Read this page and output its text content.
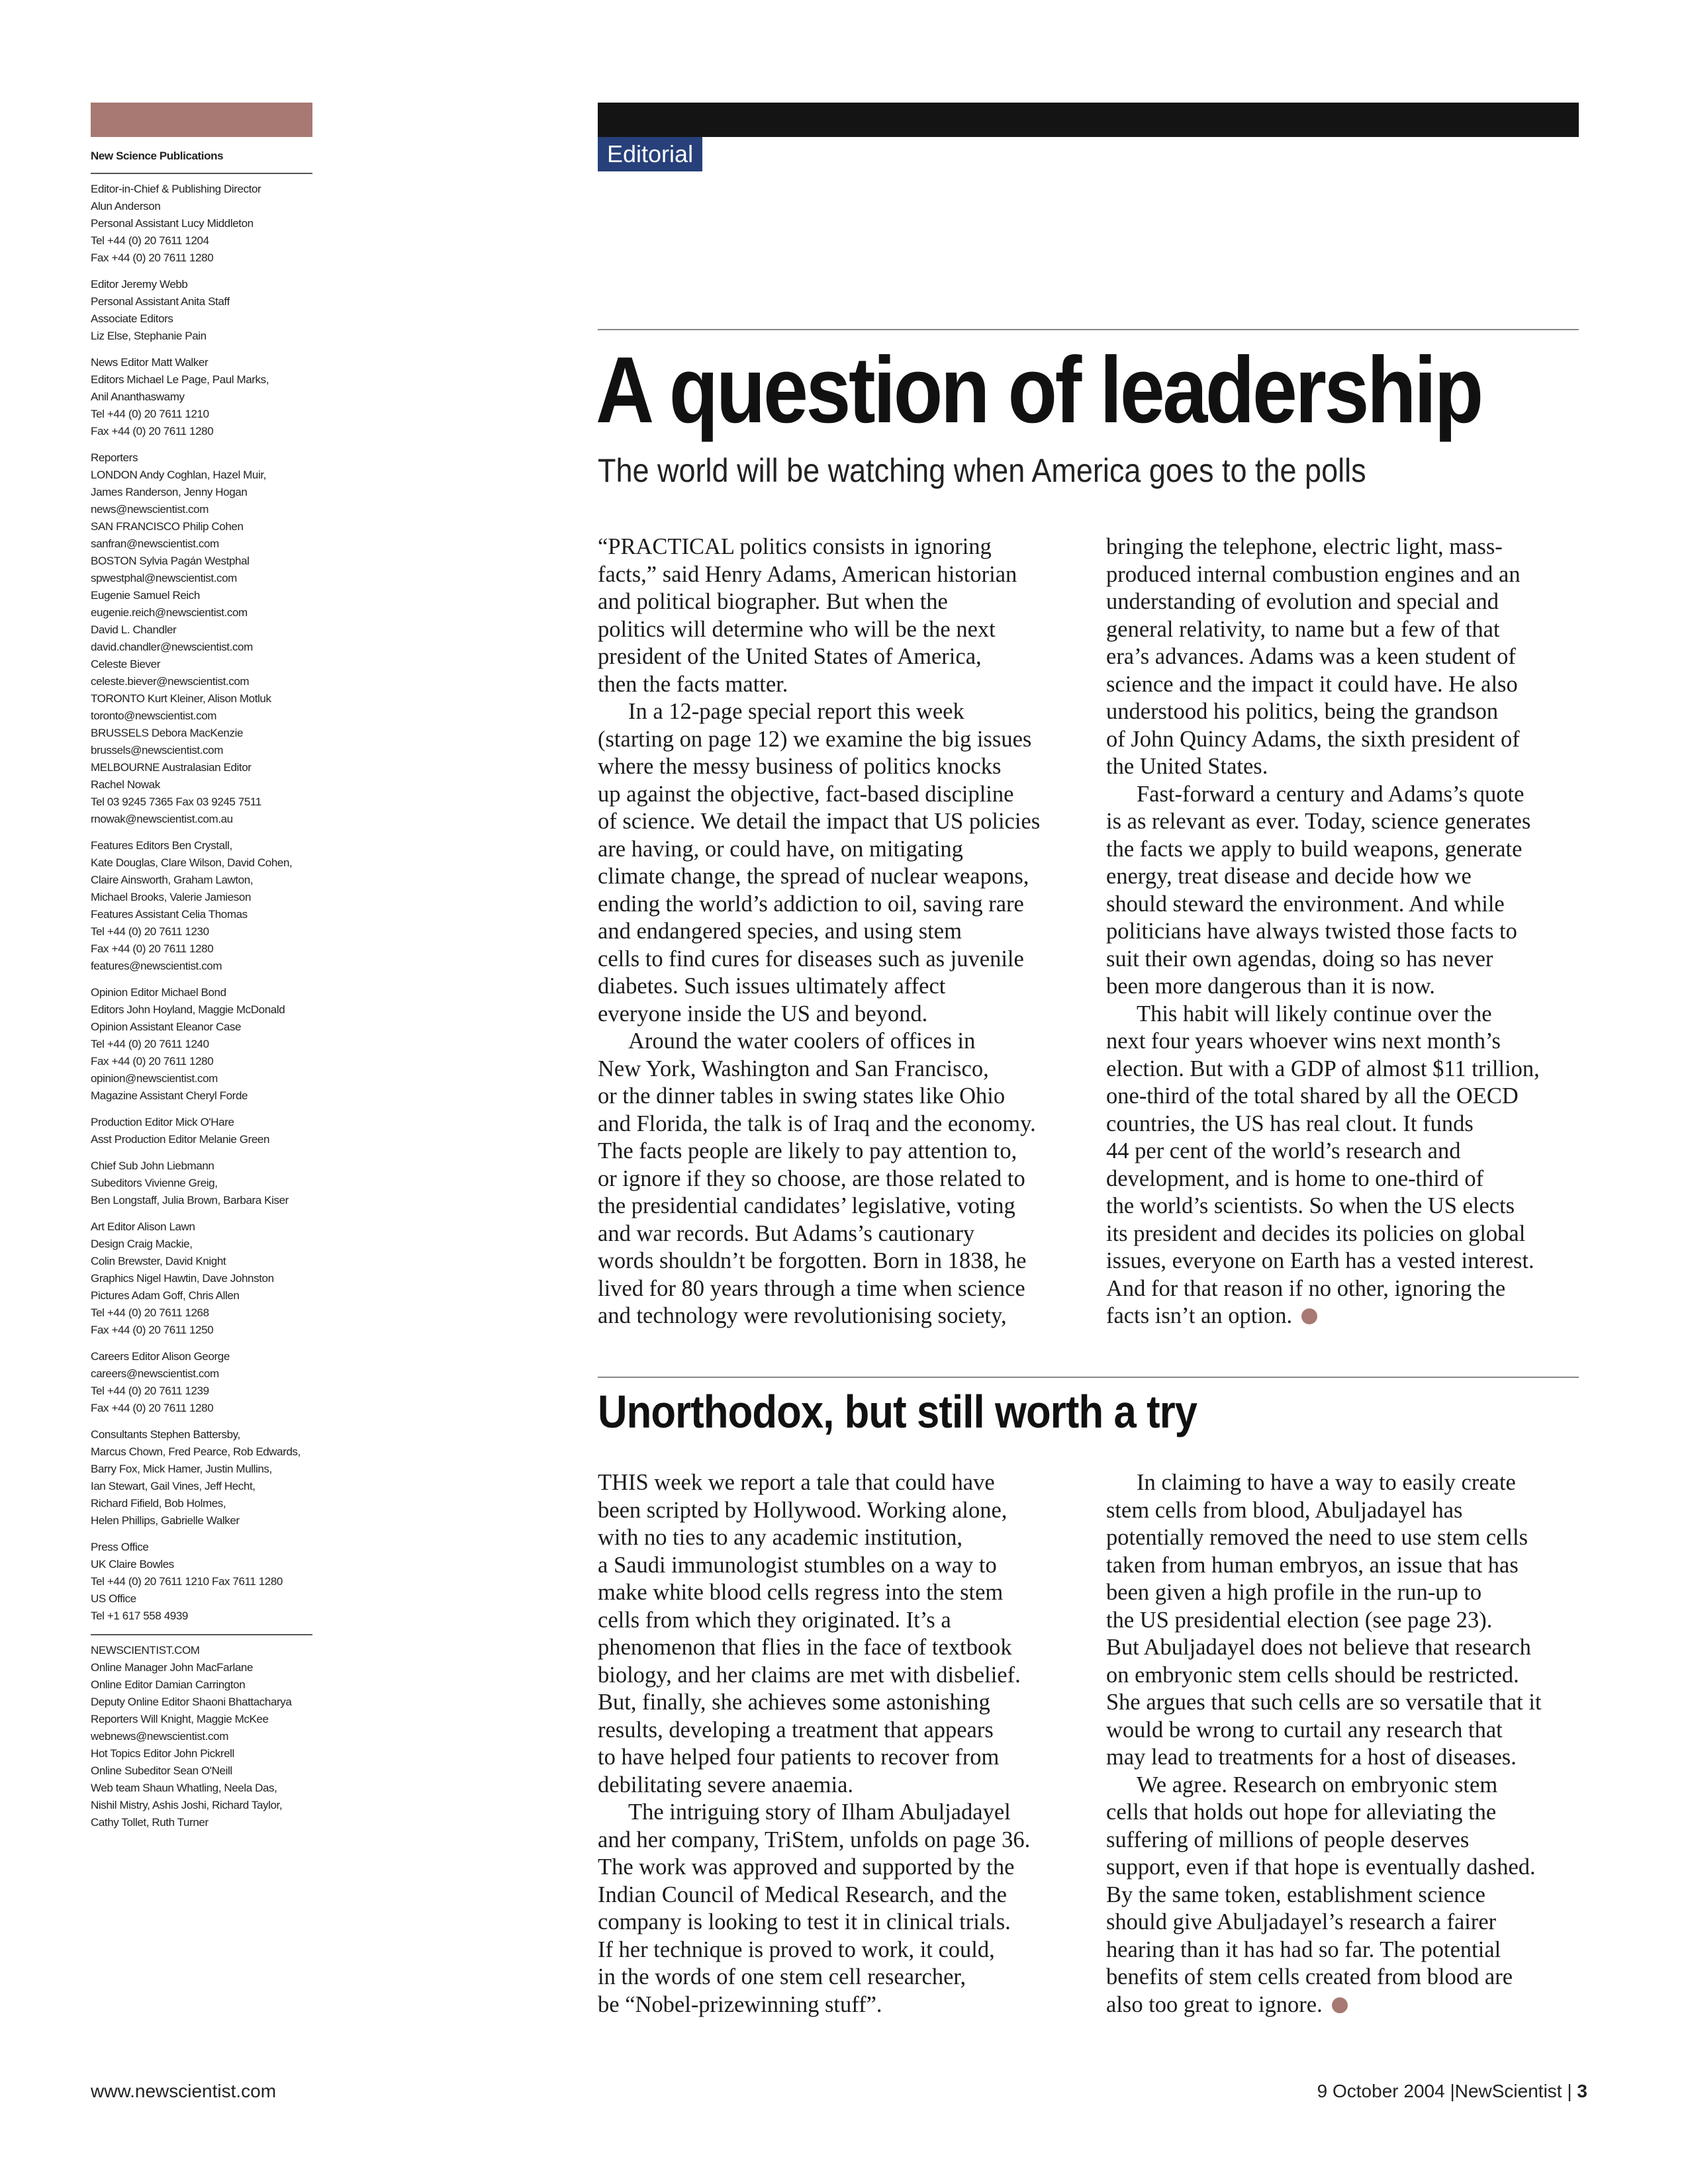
New Science Publications
Editor-in-Chief & Publishing Director
Alun Anderson
Personal Assistant Lucy Middleton
Tel +44 (0) 20 7611 1204
Fax +44 (0) 20 7611 1280
Editor Jeremy Webb
Personal Assistant Anita Staff
Associate Editors
Liz Else, Stephanie Pain
News Editor Matt Walker
Editors Michael Le Page, Paul Marks,
Anil Ananthaswamy
Tel +44 (0) 20 7611 1210
Fax +44 (0) 20 7611 1280
Reporters
LONDON Andy Coghlan, Hazel Muir,
James Randerson, Jenny Hogan
news@newscientist.com
SAN FRANCISCO Philip Cohen
sanfran@newscientist.com
BOSTON Sylvia Pagán Westphal
spwestphal@newscientist.com
Eugenie Samuel Reich
eugenie.reich@newscientist.com
David L. Chandler
david.chandler@newscientist.com
Celeste Biever
celeste.biever@newscientist.com
TORONTO Kurt Kleiner, Alison Motluk
toronto@newscientist.com
BRUSSELS Debora MacKenzie
brussels@newscientist.com
MELBOURNE Australasian Editor
Rachel Nowak
Tel 03 9245 7365 Fax 03 9245 7511
rnowak@newscientist.com.au
Features Editors Ben Crystall,
Kate Douglas, Clare Wilson, David Cohen,
Claire Ainsworth, Graham Lawton,
Michael Brooks, Valerie Jamieson
Features Assistant Celia Thomas
Tel +44 (0) 20 7611 1230
Fax +44 (0) 20 7611 1280
features@newscientist.com
Opinion Editor Michael Bond
Editors John Hoyland, Maggie McDonald
Opinion Assistant Eleanor Case
Tel +44 (0) 20 7611 1240
Fax +44 (0) 20 7611 1280
opinion@newscientist.com
Magazine Assistant Cheryl Forde
Production Editor Mick O'Hare
Asst Production Editor Melanie Green
Chief Sub John Liebmann
Subeditors Vivienne Greig,
Ben Longstaff, Julia Brown, Barbara Kiser
Art Editor Alison Lawn
Design Craig Mackie,
Colin Brewster, David Knight
Graphics Nigel Hawtin, Dave Johnston
Pictures Adam Goff, Chris Allen
Tel +44 (0) 20 7611 1268
Fax +44 (0) 20 7611 1250
Careers Editor Alison George
careers@newscientist.com
Tel +44 (0) 20 7611 1239
Fax +44 (0) 20 7611 1280
Consultants Stephen Battersby,
Marcus Chown, Fred Pearce, Rob Edwards,
Barry Fox, Mick Hamer, Justin Mullins,
Ian Stewart, Gail Vines, Jeff Hecht,
Richard Fifield, Bob Holmes,
Helen Phillips, Gabrielle Walker
Press Office
UK Claire Bowles
Tel +44 (0) 20 7611 1210 Fax 7611 1280
US Office
Tel +1 617 558 4939
NEWSCIENTIST.COM
Online Manager John MacFarlane
Online Editor Damian Carrington
Deputy Online Editor Shaoni Bhattacharya
Reporters Will Knight, Maggie McKee
webnews@newscientist.com
Hot Topics Editor John Pickrell
Online Subeditor Sean O'Neill
Web team Shaun Whatling, Neela Das,
Nishil Mistry, Ashis Joshi, Richard Taylor,
Cathy Tollet, Ruth Turner
Editorial
A question of leadership

The world will be watching when America goes to the polls

“PRACTICAL politics consists in ignoring
facts,” said Henry Adams, American historian
and political biographer. But when the
politics will determine who will be the next
president of the United States of America,
then the facts matter.
In a 12-page special report this week
(starting on page 12) we examine the big issues
where the messy business of politics knocks
up against the objective, fact-based discipline
of science. We detail the impact that US policies
are having, or could have, on mitigating
climate change, the spread of nuclear weapons,
ending the world’s addiction to oil, saving rare
and endangered species, and using stem
cells to find cures for diseases such as juvenile
diabetes. Such issues ultimately affect
everyone inside the US and beyond.
Around the water coolers of offices in
New York, Washington and San Francisco,
or the dinner tables in swing states like Ohio
and Florida, the talk is of Iraq and the economy.
The facts people are likely to pay attention to,
or ignore if they so choose, are those related to
the presidential candidates’ legislative, voting
and war records. But Adams’s cautionary
words shouldn’t be forgotten. Born in 1838, he
lived for 80 years through a time when science
and technology were revolutionising society,
bringing the telephone, electric light, mass-
produced internal combustion engines and an
understanding of evolution and special and
general relativity, to name but a few of that
era’s advances. Adams was a keen student of
science and the impact it could have. He also
understood his politics, being the grandson
of John Quincy Adams, the sixth president of
the United States.
Fast-forward a century and Adams’s quote
is as relevant as ever. Today, science generates
the facts we apply to build weapons, generate
energy, treat disease and decide how we
should steward the environment. And while
politicians have always twisted those facts to
suit their own agendas, doing so has never
been more dangerous than it is now.
This habit will likely continue over the
next four years whoever wins next month’s
election. But with a GDP of almost $11 trillion,
one-third of the total shared by all the OECD
countries, the US has real clout. It funds
44 per cent of the world’s research and
development, and is home to one-third of
the world’s scientists. So when the US elects
its president and decides its policies on global
issues, everyone on Earth has a vested interest.
And for that reason if no other, ignoring the
facts isn’t an option.
Unorthodox, but still worth a try
THIS week we report a tale that could have
been scripted by Hollywood. Working alone,
with no ties to any academic institution,
a Saudi immunologist stumbles on a way to
make white blood cells regress into the stem
cells from which they originated. It’s a
phenomenon that flies in the face of textbook
biology, and her claims are met with disbelief.
But, finally, she achieves some astonishing
results, developing a treatment that appears
to have helped four patients to recover from
debilitating severe anaemia.
The intriguing story of Ilham Abuljadayel
and her company, TriStem, unfolds on page 36.
The work was approved and supported by the
Indian Council of Medical Research, and the
company is looking to test it in clinical trials.
If her technique is proved to work, it could,
in the words of one stem cell researcher,
be “Nobel-prizewinning stuff”.
In claiming to have a way to easily create
stem cells from blood, Abuljadayel has
potentially removed the need to use stem cells
taken from human embryos, an issue that has
been given a high profile in the run-up to
the US presidential election (see page 23).
But Abuljadayel does not believe that research
on embryonic stem cells should be restricted.
She argues that such cells are so versatile that it
would be wrong to curtail any research that
may lead to treatments for a host of diseases.
We agree. Research on embryonic stem
cells that holds out hope for alleviating the
suffering of millions of people deserves
support, even if that hope is eventually dashed.
By the same token, establishment science
should give Abuljadayel’s research a fairer
hearing than it has had so far. The potential
benefits of stem cells created from blood are
also too great to ignore.
www.newscientist.com	9 October 2004 |NewScientist | 3
